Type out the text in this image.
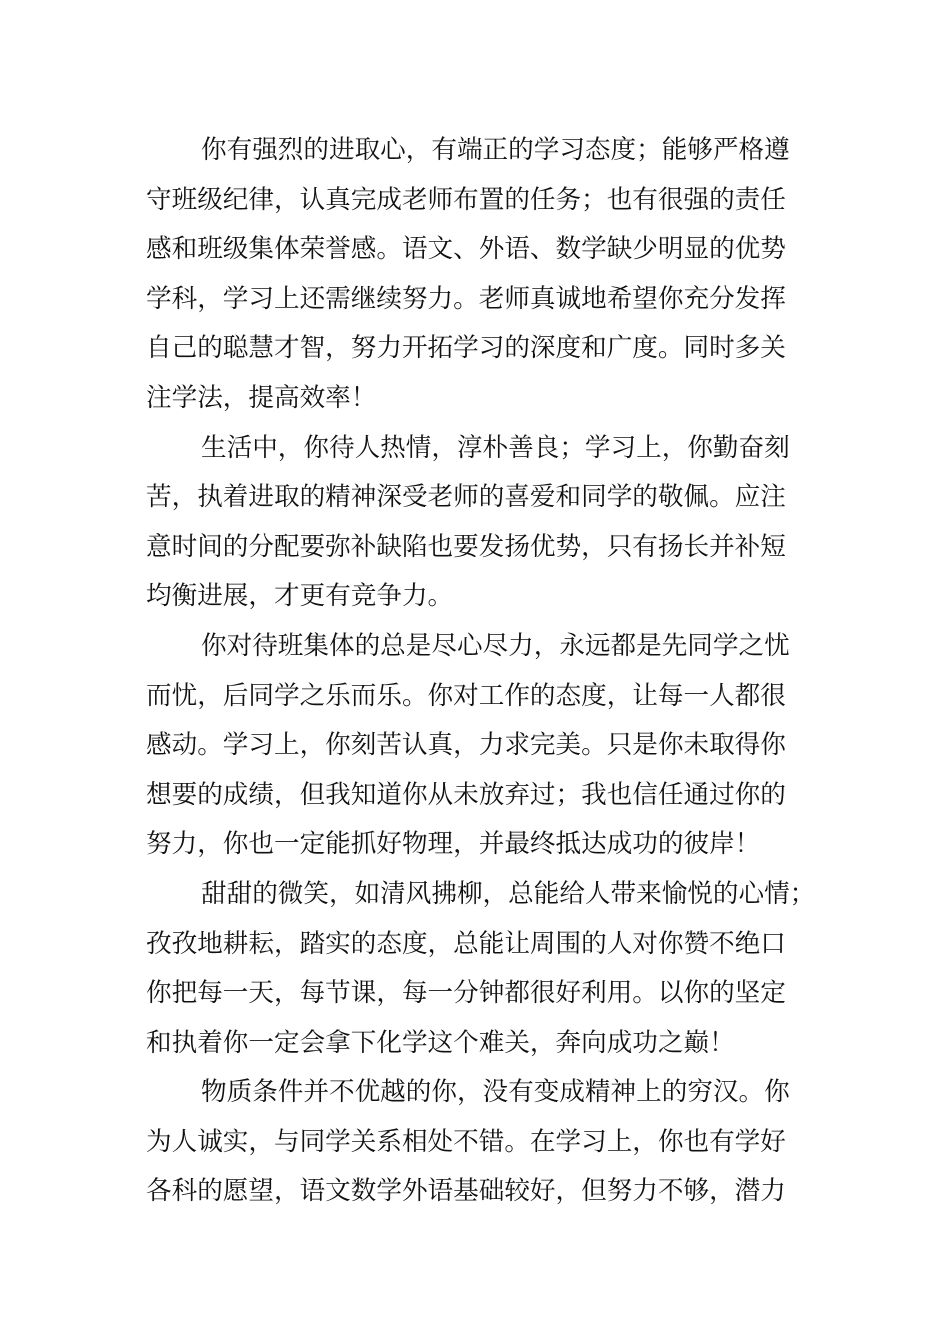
你有强烈的进取心，有端正的学习态度；能够严格遵
守班级纪律，认真完成老师布置的任务；也有很强的责任
感和班级集体荣誉感。语文、外语、数学缺少明显的优势
学科，学习上还需继续努力。老师真诚地希望你充分发挥
自己的聪慧才智，努力开拓学习的深度和广度。同时多关
注学法，提高效率！

生活中，你待人热情，淳朴善良；学习上，你勤奋刻
苦，执着进取的精神深受老师的喜爱和同学的敬佩。应注
意时间的分配要弥补缺陷也要发扬优势，只有扬长并补短
均衡进展，才更有竞争力。

你对待班集体的总是尽心尽力，永远都是先同学之忧
而忧，后同学之乐而乐。你对工作的态度，让每一人都很
感动。学习上，你刻苦认真，力求完美。只是你未取得你
想要的成绩，但我知道你从未放弃过；我也信任通过你的
努力，你也一定能抓好物理，并最终抵达成功的彼岸！

甜甜的微笑，如清风拂柳，总能给人带来愉悦的心情；
孜孜地耕耘，踏实的态度，总能让周围的人对你赞不绝口
你把每一天，每节课，每一分钟都很好利用。以你的坚定
和执着你一定会拿下化学这个难关，奔向成功之巅！

物质条件并不优越的你，没有变成精神上的穷汉。你
为人诚实，与同学关系相处不错。在学习上，你也有学好
各科的愿望，语文数学外语基础较好，但努力不够，潜力
